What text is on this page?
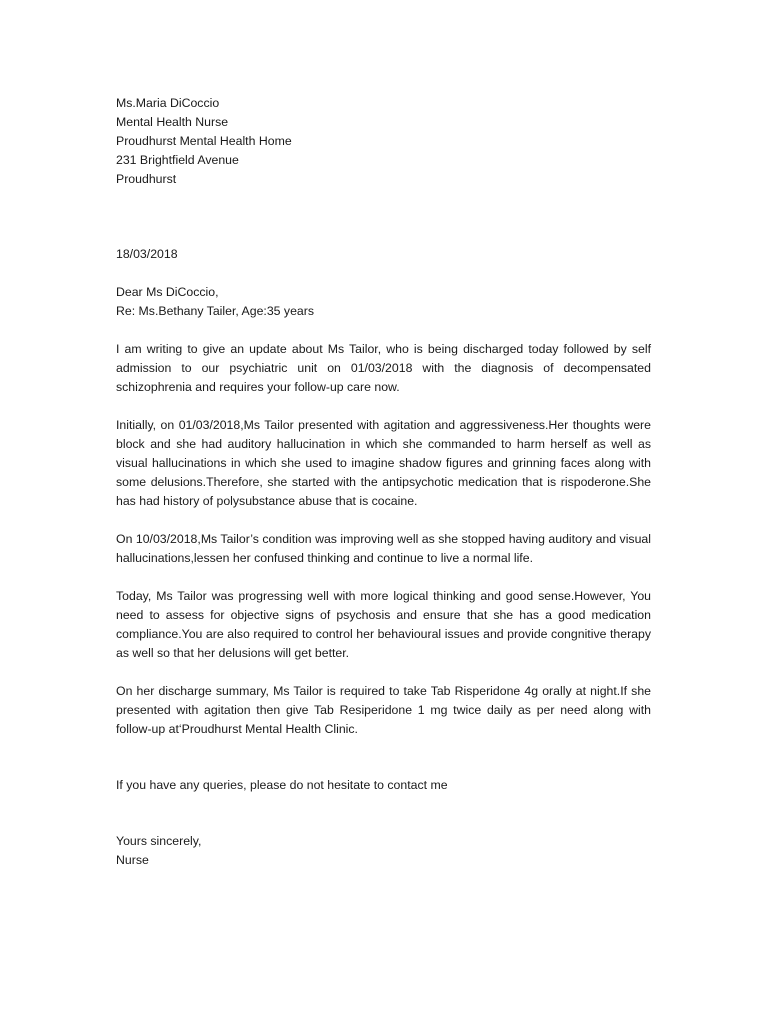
Ms.Maria DiCoccio
Mental Health Nurse
Proudhurst Mental Health Home
231 Brightfield Avenue
Proudhurst

18/03/2018

Dear Ms DiCoccio,

Re: Ms.Bethany Tailer, Age:35 years

I am writing to give an update about Ms Tailor, who is being discharged today followed by self admission to our psychiatric unit on 01/03/2018 with the diagnosis of decompensated schizophrenia and requires your follow-up care now.

Initially, on 01/03/2018,Ms Tailor presented with agitation and aggressiveness.Her thoughts were block and she had auditory hallucination in which she commanded to harm herself as well as visual hallucinations in which she used to imagine shadow figures and grinning faces along with some delusions.Therefore, she started with the antipsychotic medication that is rispoderone.She has had history of polysubstance abuse that is cocaine.

On 10/03/2018,Ms Tailor’s condition was improving well as she stopped having auditory and visual hallucinations,lessen her confused thinking and continue to live a normal life.

Today, Ms Tailor was progressing well with more logical thinking and good sense.However, You need to assess for objective signs of psychosis and ensure that she has a good medication compliance.You are also required to control her behavioural issues and provide congnitive therapy as well so that her delusions will get better.

On her discharge summary, Ms Tailor is required to take Tab Risperidone 4g orally at night.If she presented with agitation then give Tab Resiperidone 1 mg twice daily as per need along with follow-up at‘Proudhurst Mental Health Clinic.

If you have any queries, please do not hesitate to contact me

Yours sincerely,

Nurse
